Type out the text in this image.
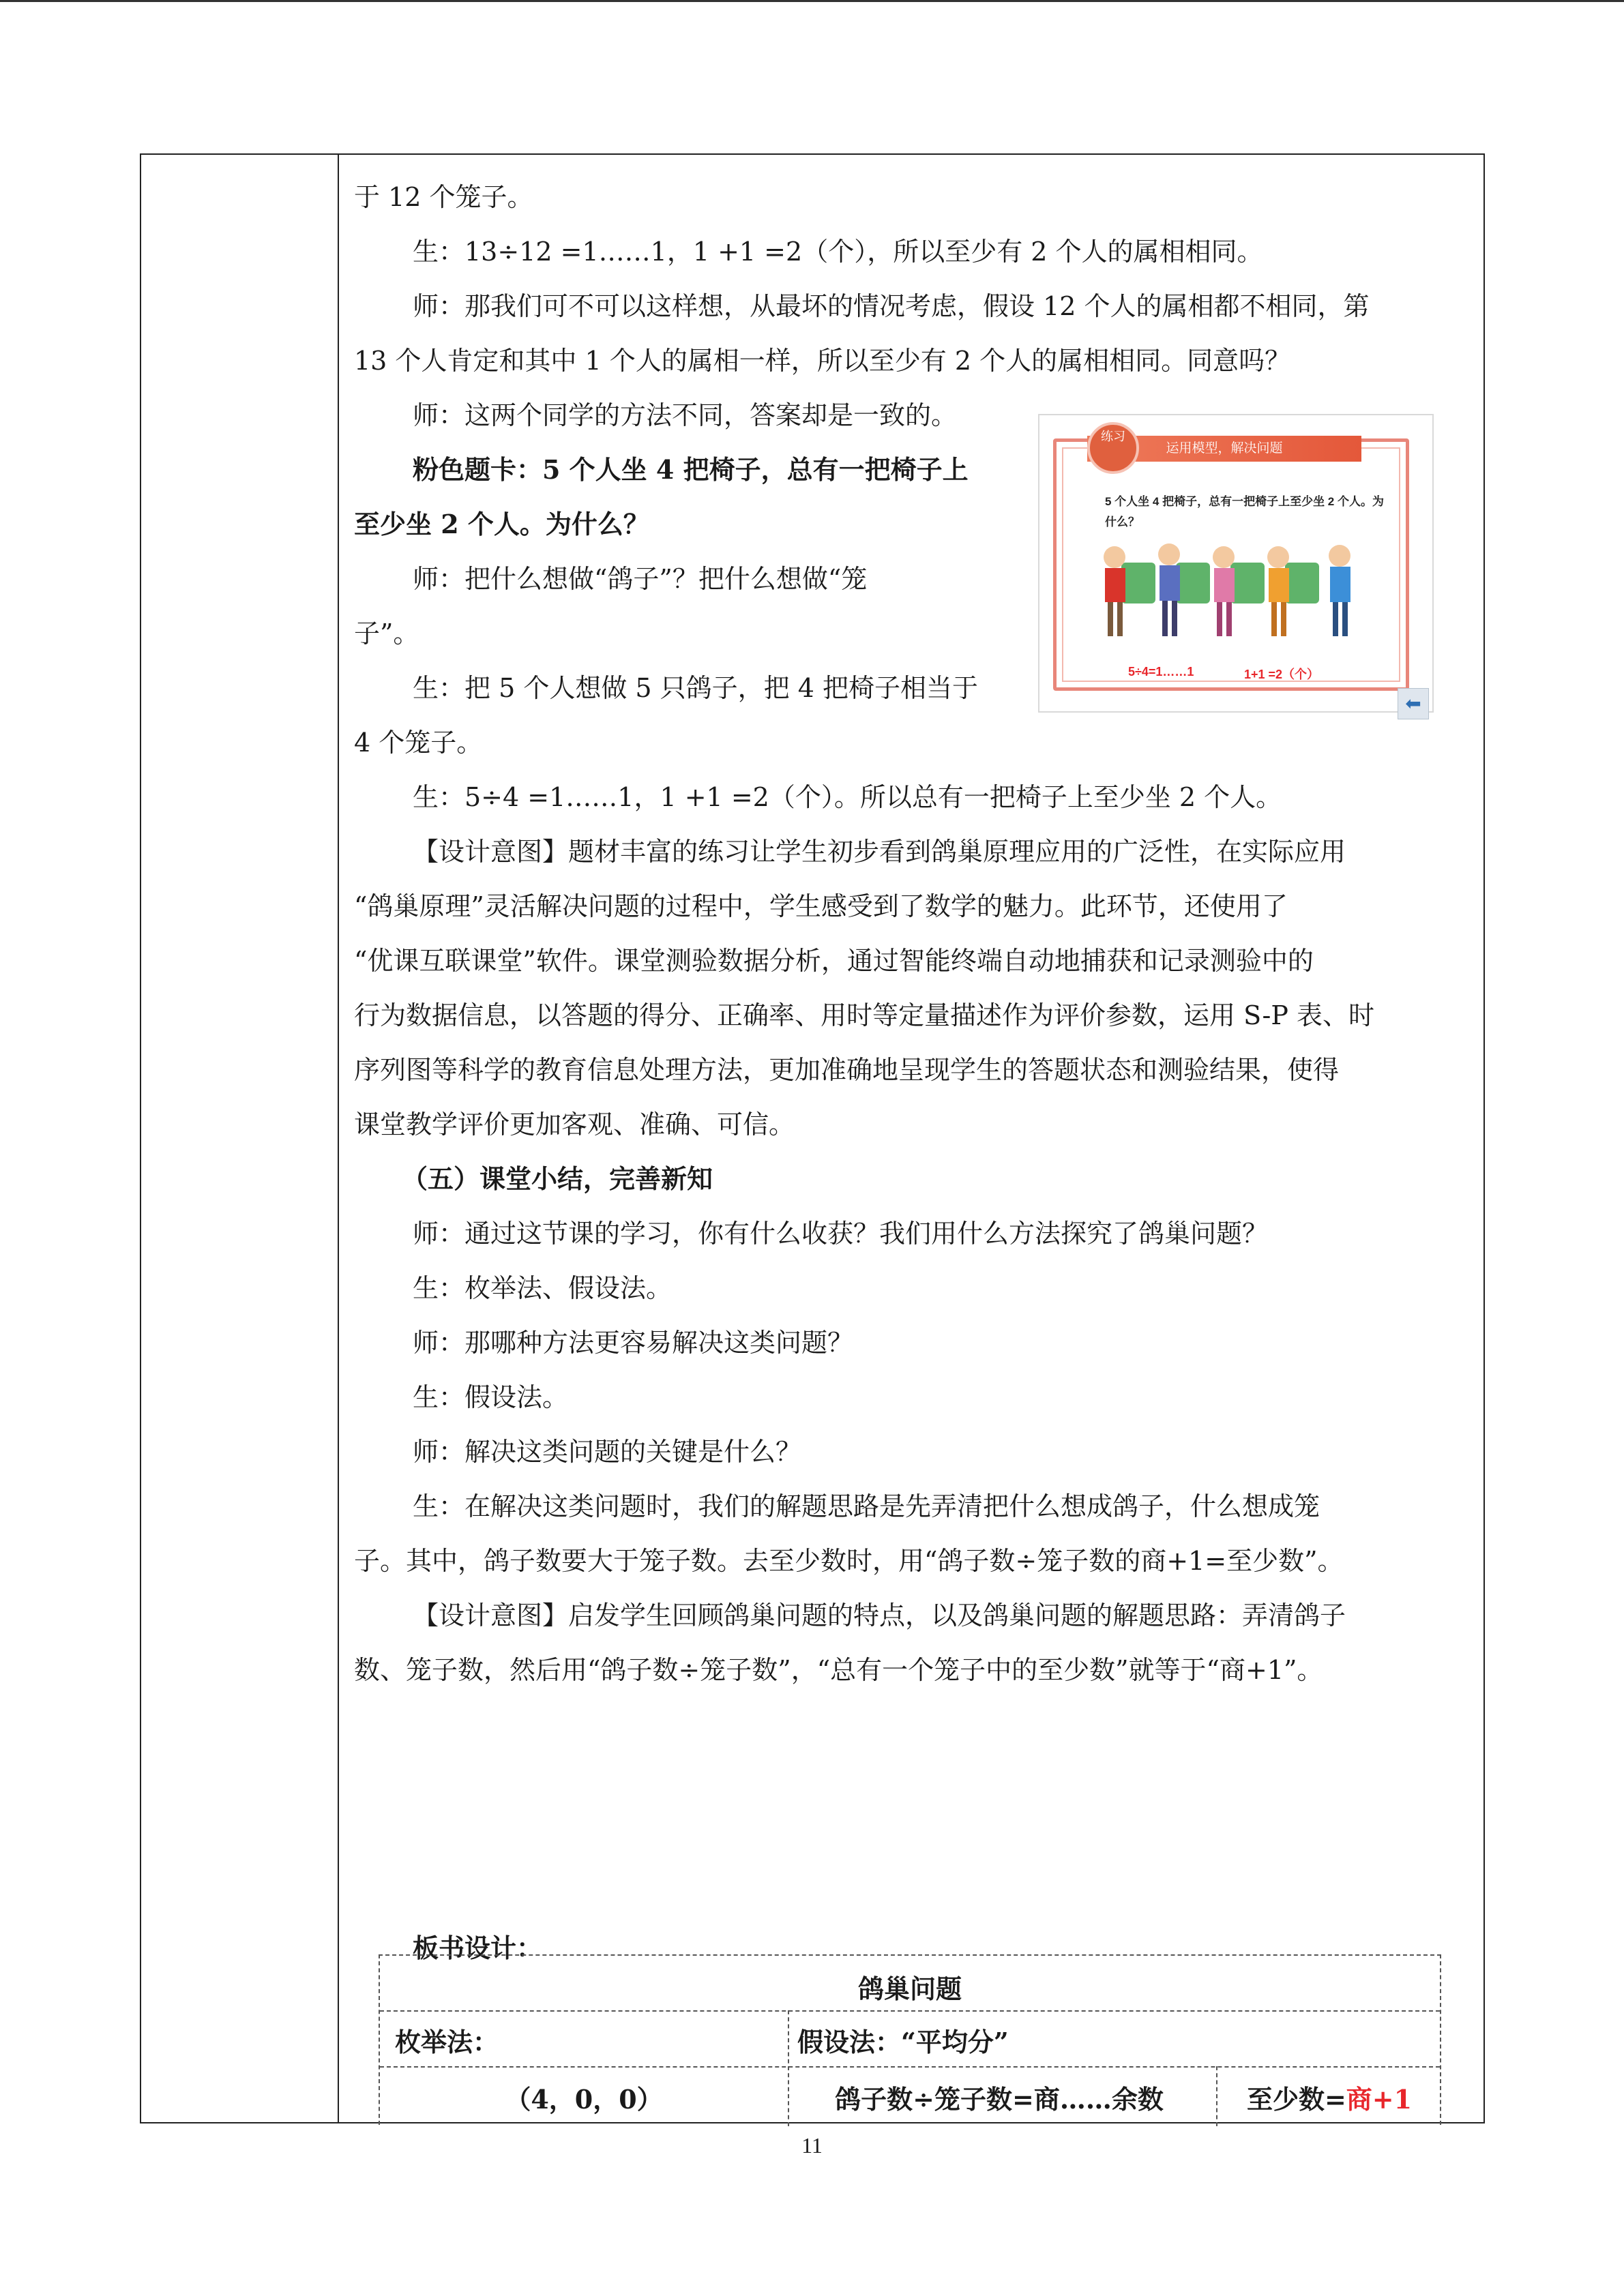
于 12 个笼子。

生：13÷12 =1……1，1 +1 =2（个），所以至少有 2 个人的属相相同。

师：那我们可不可以这样想，从最坏的情况考虑，假设 12 个人的属相都不相同，第

13 个人肯定和其中 1 个人的属相一样，所以至少有 2 个人的属相相同。同意吗？

师：这两个同学的方法不同，答案却是一致的。

粉色题卡：5 个人坐 4 把椅子，总有一把椅子上

至少坐 2 个人。为什么？

师：把什么想做“鸽子”？把什么想做“笼

子”。

生：把 5 个人想做 5 只鸽子，把 4 把椅子相当于

4 个笼子。

生：5÷4 =1……1，1 +1 =2（个）。所以总有一把椅子上至少坐 2 个人。

【设计意图】题材丰富的练习让学生初步看到鸽巢原理应用的广泛性，在实际应用

“鸽巢原理”灵活解决问题的过程中，学生感受到了数学的魅力。此环节，还使用了

“优课互联课堂”软件。课堂测验数据分析，通过智能终端自动地捕获和记录测验中的

行为数据信息，以答题的得分、正确率、用时等定量描述作为评价参数，运用 S-P 表、时

序列图等科学的教育信息处理方法，更加准确地呈现学生的答题状态和测验结果，使得

课堂教学评价更加客观、准确、可信。

（五）课堂小结，完善新知

师：通过这节课的学习，你有什么收获？我们用什么方法探究了鸽巢问题？

生：枚举法、假设法。

师：那哪种方法更容易解决这类问题？

生：假设法。

师：解决这类问题的关键是什么？

生：在解决这类问题时，我们的解题思路是先弄清把什么想成鸽子，什么想成笼

子。其中，鸽子数要大于笼子数。去至少数时，用“鸽子数÷笼子数的商+1=至少数”。

【设计意图】启发学生回顾鸽巢问题的特点，以及鸽巢问题的解题思路：弄清鸽子

数、笼子数，然后用“鸽子数÷笼子数”，“总有一个笼子中的至少数”就等于“商+1”。

板书设计：

运用模型，解决问题
练习
5 个人坐 4 把椅子，总有一把椅子上至少坐 2 个人。为什么？
5÷4=1……1	1+1 =2（个）
⬅
鸽巢问题
枚举法：	假设法：“平均分”
（4，0，0）	鸽子数÷笼子数=商……余数	至少数=商+1
11
